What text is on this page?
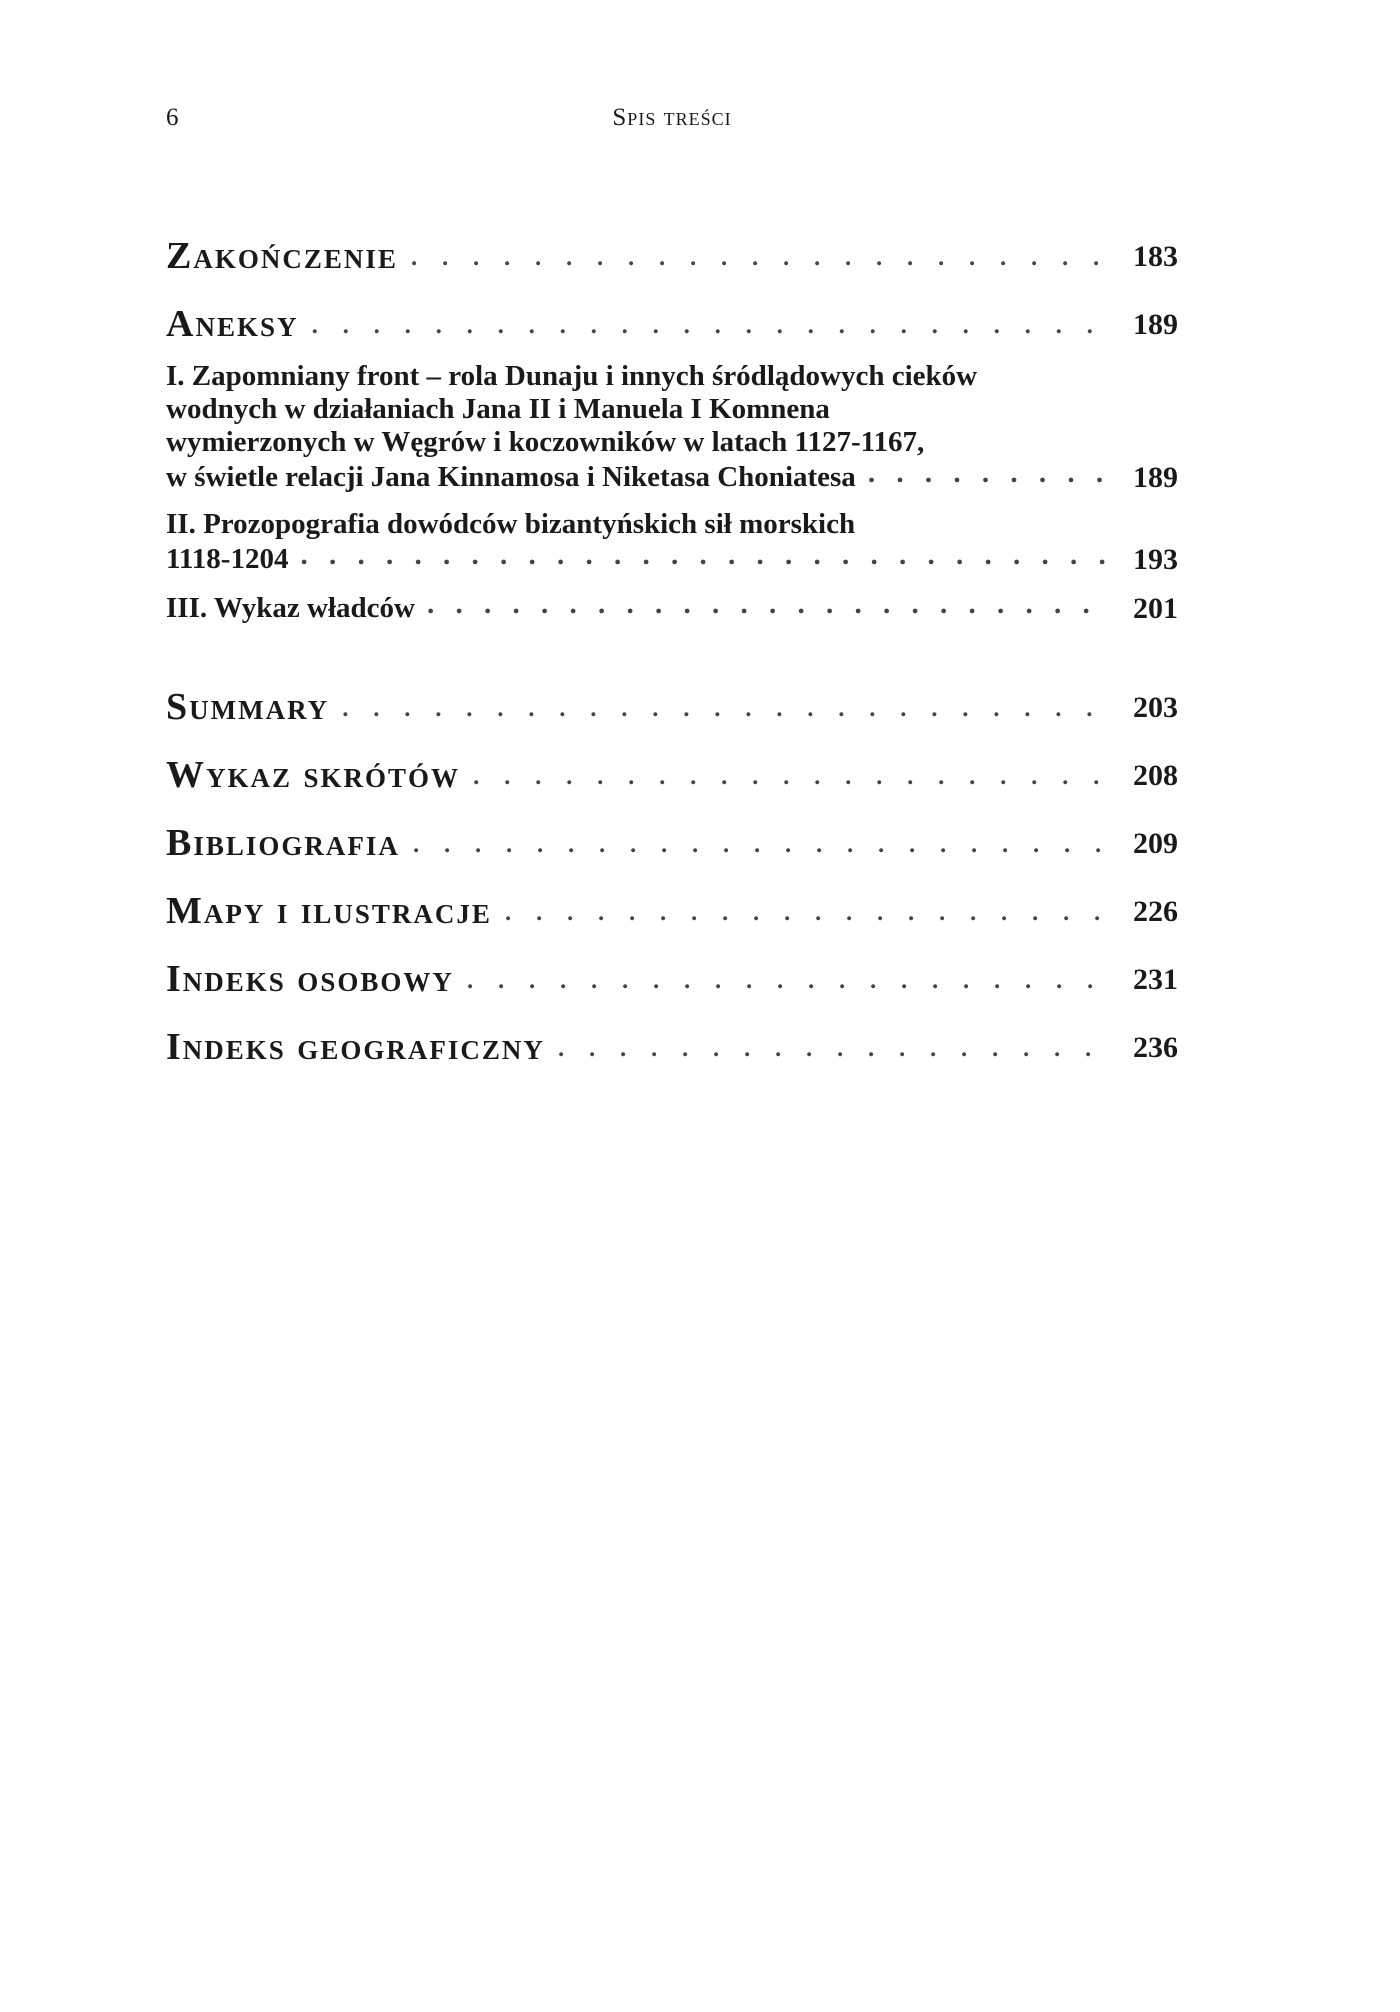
6	Spis treści
Zakończenie . . .	183
Aneksy . . .	189
I. Zapomniany front – rola Dunaju i innych śródlądowych cieków
wodnych w działaniach Jana II i Manuela I Komnena
wymierzonych w Węgrów i koczowników w latach 1127-1167,
w świetle relacji Jana Kinnamosa i Niketasa Choniatesa . . .	189
II. Prozopografia dowódców bizantyńskich sił morskich
1118-1204 . . .	193
III. Wykaz władców . . .	201
Summary . . .	203
Wykaz skrótów . . .	208
Bibliografia . . .	209
Mapy i ilustracje . . .	226
Indeks osobowy . . .	231
Indeks geograficzny . . .	236
